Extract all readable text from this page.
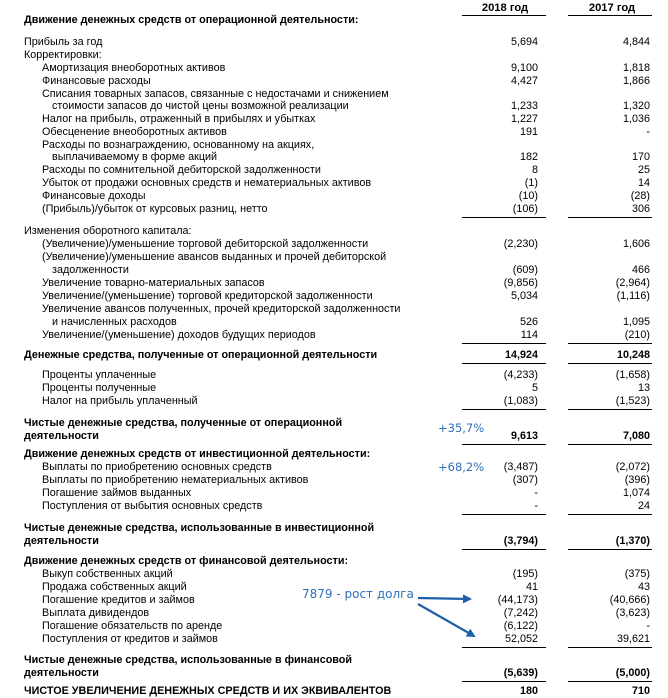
2018 год	2017 год
Движение денежных средств от операционной деятельности:
Движение денежных средств от инвестиционной деятельности:
Движение денежных средств от финансовой деятельности:
Прибыль за год	5,694	4,844
Корректировки:
Амортизация внеоборотных активов	9,100	1,818
Финансовые расходы	4,427	1,866
Списания товарных запасов, связанные с недостачами и снижением
стоимости запасов до чистой цены возможной реализации	1,233	1,320
Налог на прибыль, отраженный в прибылях и убытках	1,227	1,036
Обесценение внеоборотных активов	191	-
Расходы по вознаграждению, основанному на акциях,
выплачиваемому в форме акций	182	170
Расходы по сомнительной дебиторской задолженности	8	25
Убыток от продажи основных средств и нематериальных активов	(1)	14
Финансовые доходы	(10)	(28)
(Прибыль)/убыток от курсовых разниц, нетто	(106)	306
Изменения оборотного капитала:
(Увеличение)/уменьшение торговой дебиторской задолженности	(2,230)	1,606
(Увеличение)/уменьшение авансов выданных и прочей дебиторской
задолженности	(609)	466
Увеличение товарно-материальных запасов	(9,856)	(2,964)
Увеличение/(уменьшение) торговой кредиторской задолженности	5,034	(1,116)
Увеличение авансов полученных, прочей кредиторской задолженности
и начисленных расходов	526	1,095
Увеличение/(уменьшение) доходов будущих периодов	114	(210)
Денежные средства, полученные от операционной деятельности	14,924	10,248
Проценты уплаченные	(4,233)	(1,658)
Проценты полученные	5	13
Налог на прибыль уплаченный	(1,083)	(1,523)
Чистые денежные средства, полученные от операционной
деятельности	9,613	7,080
+35,7%
Выплаты по приобретению основных средств	(3,487)	(2,072)
+68,2%
Выплаты по приобретению нематериальных активов	(307)	(396)
Погашение займов выданных	-	1,074
Поступления от выбытия основных средств	-	24
Чистые денежные средства, использованные в инвестиционной
деятельности	(3,794)	(1,370)
Выкуп собственных акций	(195)	(375)
Продажа собственных акций	41	43
Погашение кредитов и займов	(44,173)	(40,666)
Выплата дивидендов	(7,242)	(3,623)
Погашение обязательств по аренде	(6,122)	-
Поступления от кредитов и займов	52,052	39,621
Чистые денежные средства, использованные в финансовой
деятельности	(5,639)	(5,000)
ЧИСТОЕ УВЕЛИЧЕНИЕ ДЕНЕЖНЫХ СРЕДСТВ И ИХ ЭКВИВАЛЕНТОВ	180	710
7879 - рост долга
